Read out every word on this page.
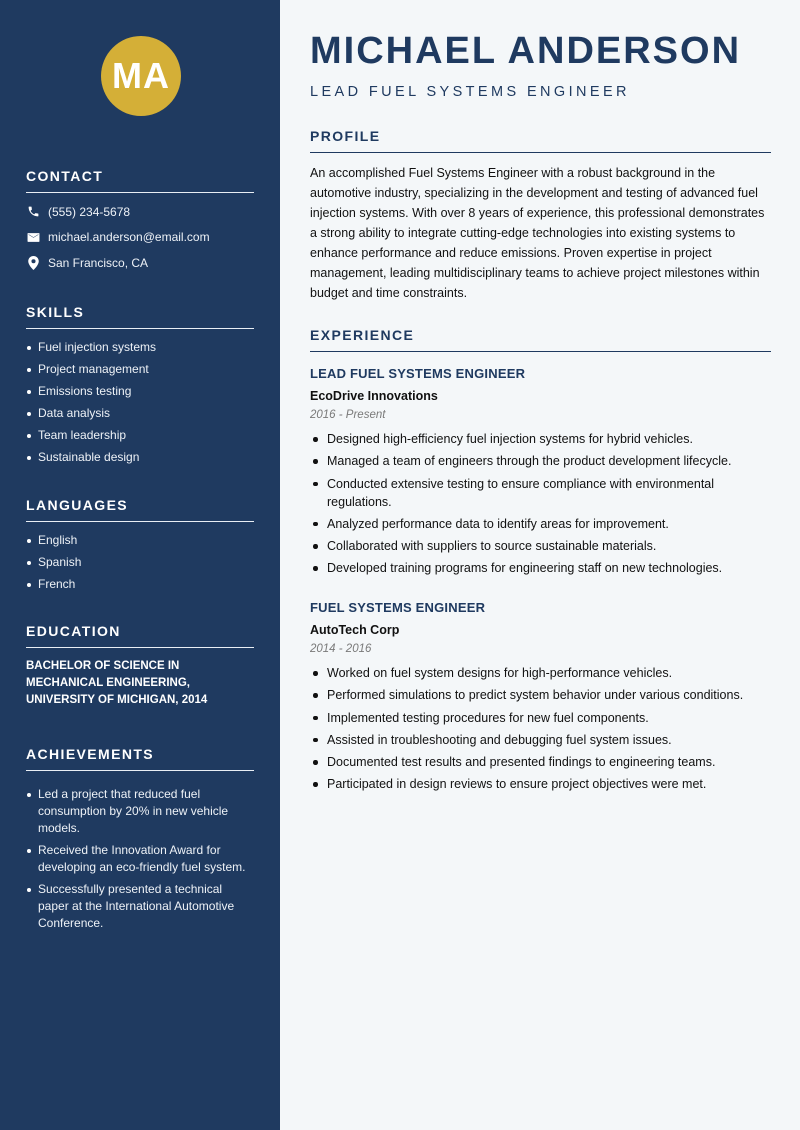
MA
CONTACT
(555) 234-5678
michael.anderson@email.com
San Francisco, CA
SKILLS
Fuel injection systems
Project management
Emissions testing
Data analysis
Team leadership
Sustainable design
LANGUAGES
English
Spanish
French
EDUCATION
BACHELOR OF SCIENCE IN MECHANICAL ENGINEERING, UNIVERSITY OF MICHIGAN, 2014
ACHIEVEMENTS
Led a project that reduced fuel consumption by 20% in new vehicle models.
Received the Innovation Award for developing an eco-friendly fuel system.
Successfully presented a technical paper at the International Automotive Conference.
MICHAEL ANDERSON
LEAD FUEL SYSTEMS ENGINEER
PROFILE
An accomplished Fuel Systems Engineer with a robust background in the automotive industry, specializing in the development and testing of advanced fuel injection systems. With over 8 years of experience, this professional demonstrates a strong ability to integrate cutting-edge technologies into existing systems to enhance performance and reduce emissions. Proven expertise in project management, leading multidisciplinary teams to achieve project milestones within budget and time constraints.
EXPERIENCE
LEAD FUEL SYSTEMS ENGINEER
EcoDrive Innovations
2016 - Present
Designed high-efficiency fuel injection systems for hybrid vehicles.
Managed a team of engineers through the product development lifecycle.
Conducted extensive testing to ensure compliance with environmental regulations.
Analyzed performance data to identify areas for improvement.
Collaborated with suppliers to source sustainable materials.
Developed training programs for engineering staff on new technologies.
FUEL SYSTEMS ENGINEER
AutoTech Corp
2014 - 2016
Worked on fuel system designs for high-performance vehicles.
Performed simulations to predict system behavior under various conditions.
Implemented testing procedures for new fuel components.
Assisted in troubleshooting and debugging fuel system issues.
Documented test results and presented findings to engineering teams.
Participated in design reviews to ensure project objectives were met.
